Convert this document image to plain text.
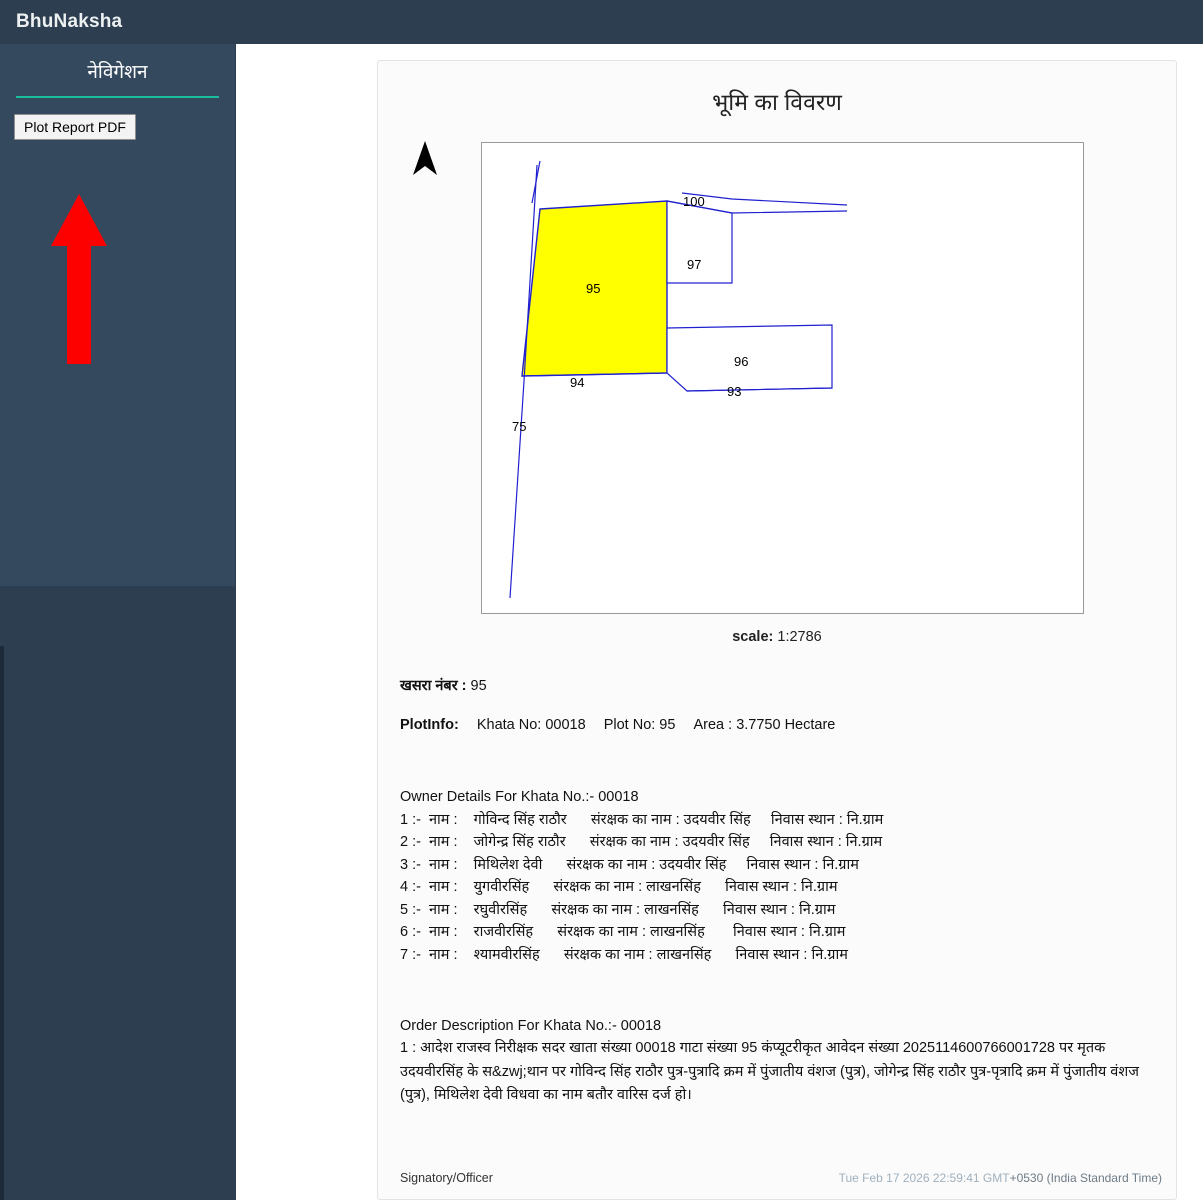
BhuNaksha
नेविगेशन
Plot Report PDF
भूमि का विवरण
100
97
95
96
94
93
75
scale: 1:2786
खसरा नंबर : 95
PlotInfo: Khata No: 00018 Plot No: 95 Area : 3.7750 Hectare
Owner Details For Khata No.:- 00018
1 :-  नाम :    गोविन्द सिंह राठौर      संरक्षक का नाम : उदयवीर सिंह     निवास स्थान : नि.ग्राम
2 :-  नाम :    जोगेन्द्र सिंह राठौर      संरक्षक का नाम : उदयवीर सिंह     निवास स्थान : नि.ग्राम
3 :-  नाम :    मिथिलेश देवी      संरक्षक का नाम : उदयवीर सिंह     निवास स्थान : नि.ग्राम
4 :-  नाम :    युगवीरसिंह      संरक्षक का नाम : लाखनसिंह      निवास स्थान : नि.ग्राम
5 :-  नाम :    रघुवीरसिंह      संरक्षक का नाम : लाखनसिंह      निवास स्थान : नि.ग्राम
6 :-  नाम :    राजवीरसिंह      संरक्षक का नाम : लाखनसिंह       निवास स्थान : नि.ग्राम
7 :-  नाम :    श्यामवीरसिंह      संरक्षक का नाम : लाखनसिंह      निवास स्थान : नि.ग्राम
Order Description For Khata No.:- 00018

1 : आदेश राजस्व निरीक्षक सदर खाता संख्या 00018 गाटा संख्या 95 कंप्यूटरीकृत आवेदन संख्या 2025114600766001728 पर मृतक उदयवीरसिंह के स&zwj;थान पर गोविन्द सिंह राठौर पुत्र-पुत्रादि क्रम में पुंजातीय वंशज (पुत्र), जोगेन्द्र सिंह राठौर पुत्र-पृत्रादि क्रम में पुंजातीय वंशज (पुत्र), मिथिलेश देवी विधवा का नाम बतौर वारिस दर्ज हो।

Signatory/Officer	Tue Feb 17 2026 22:59:41 GMT+0530 (India Standard Time)
